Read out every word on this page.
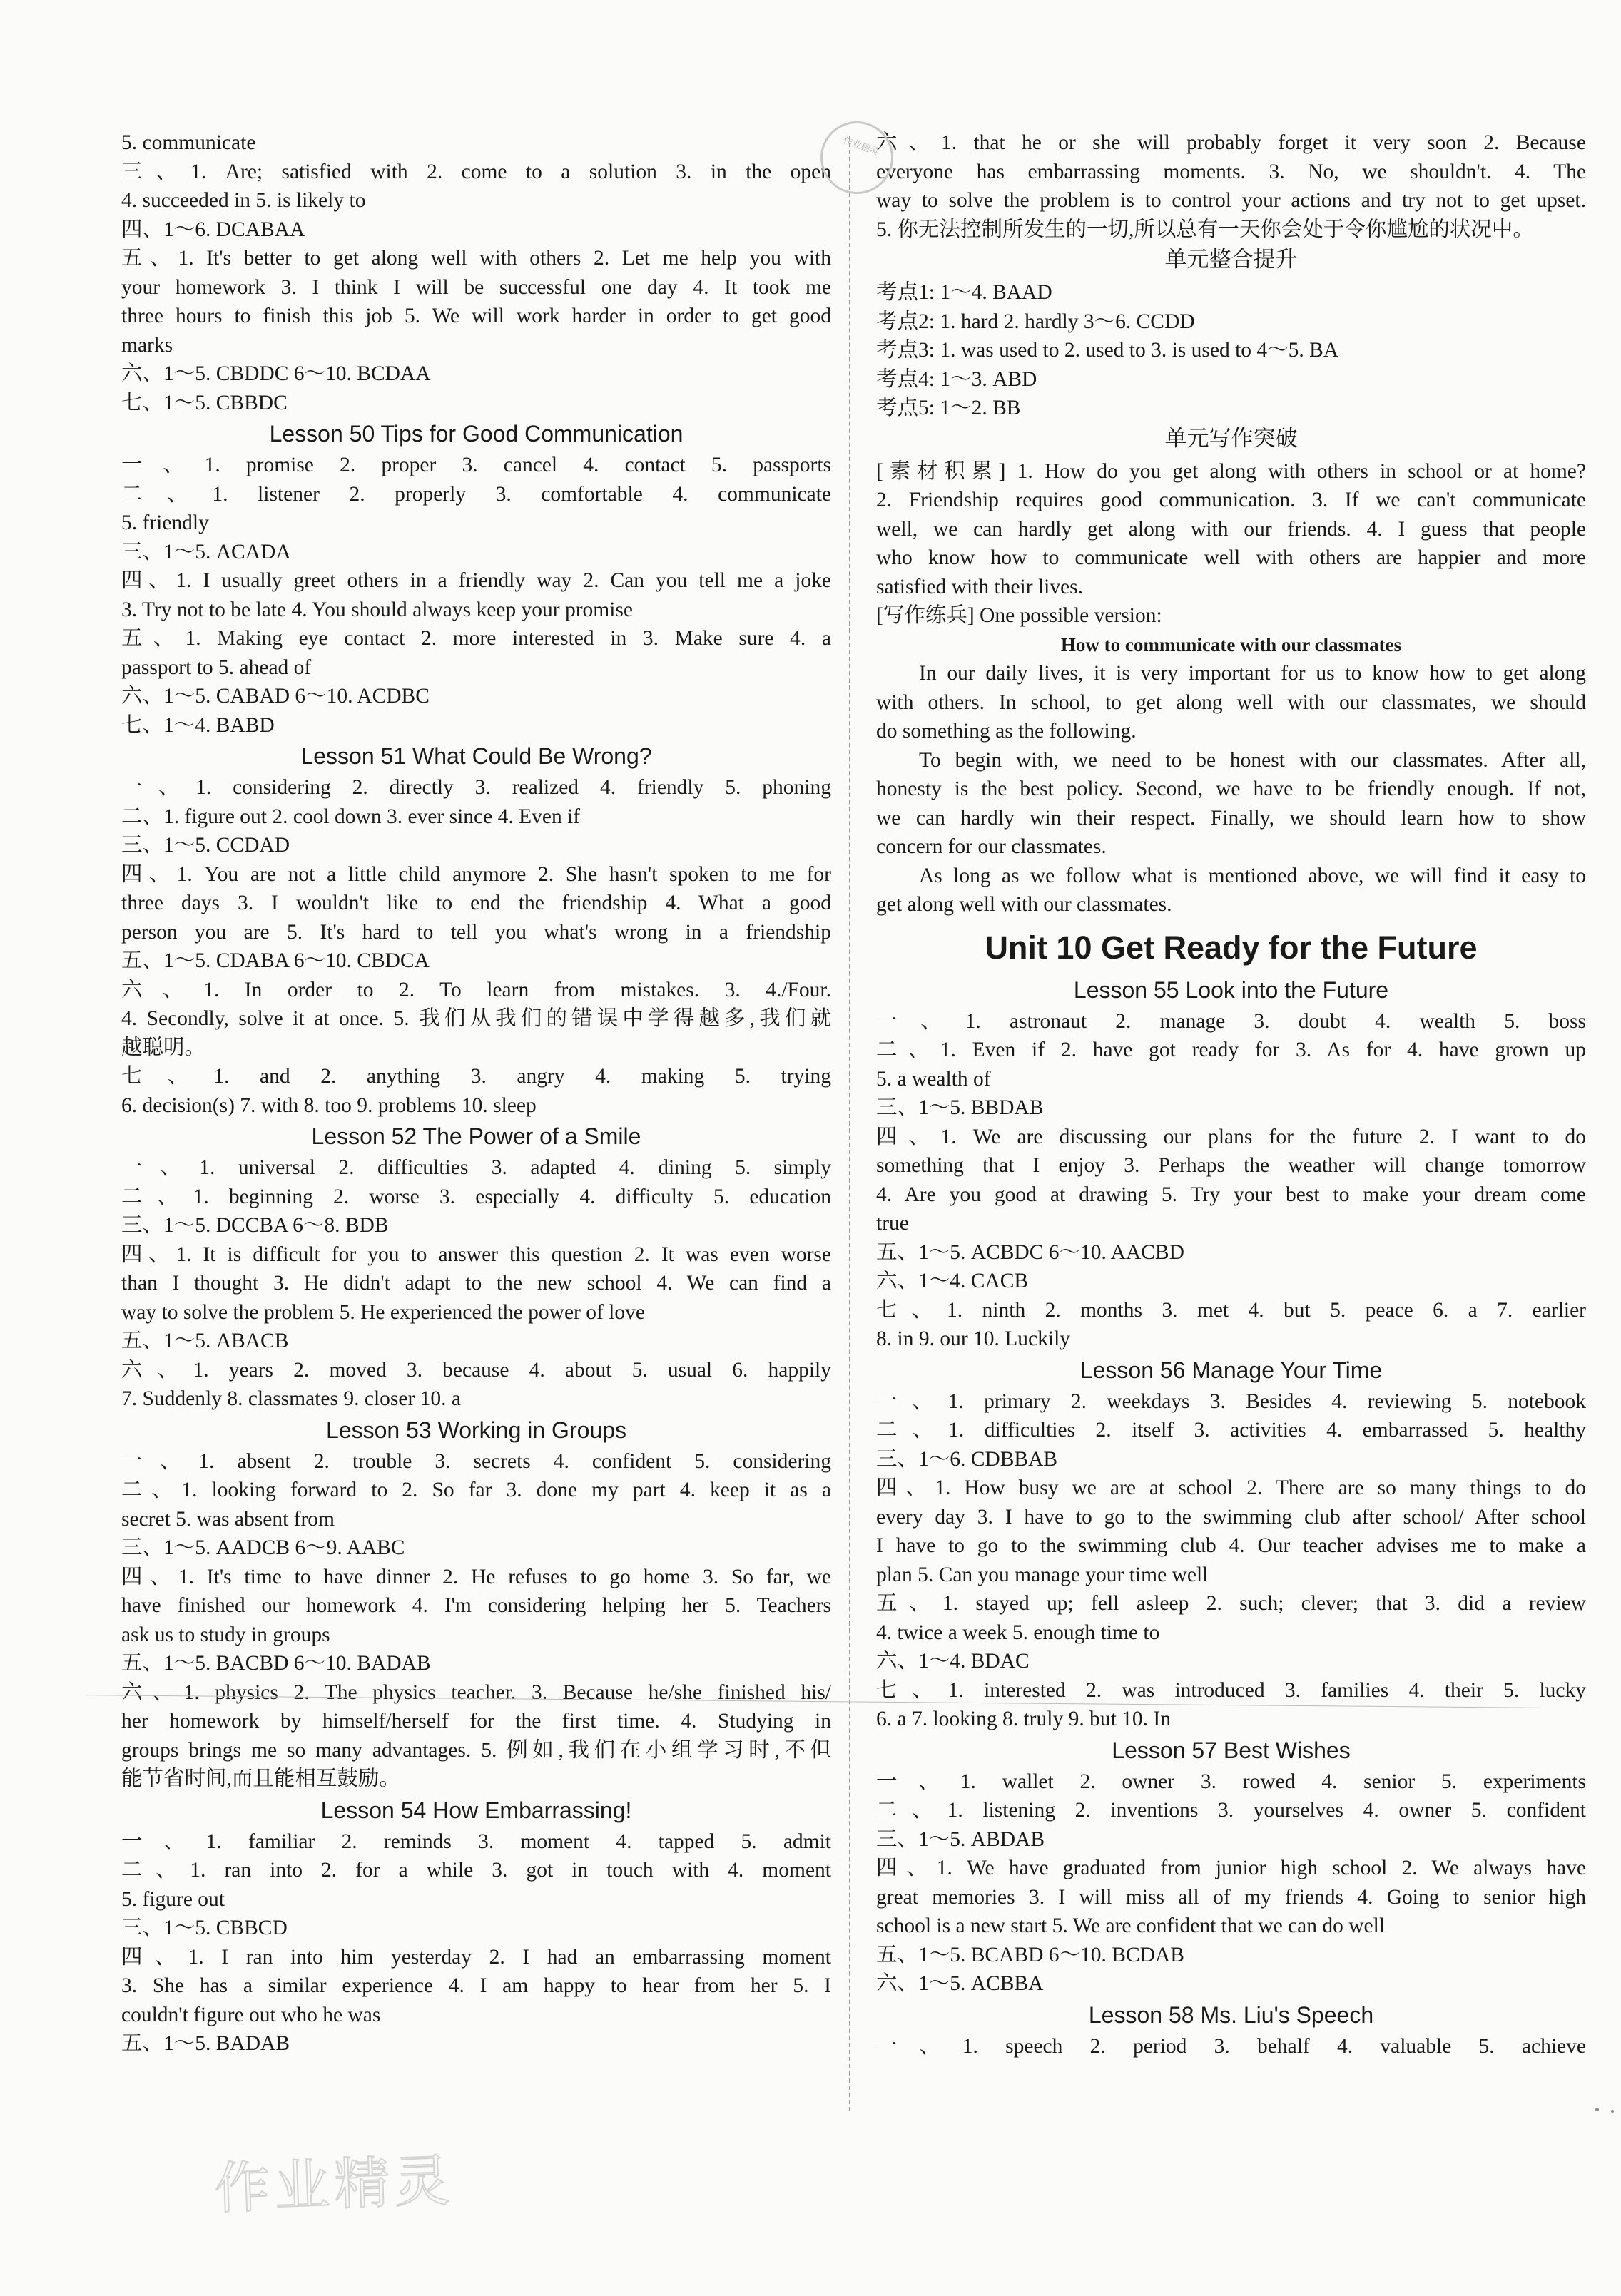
5. communicate
三、1. Are; satisfied with 2. come to a solution 3. in the open
4. succeeded in 5. is likely to
四、1～6. DCABAA
五、1. It's better to get along well with others 2. Let me help you with
your homework 3. I think I will be successful one day 4. It took me
three hours to finish this job 5. We will work harder in order to get good
marks
六、1～5. CBDDC 6～10. BCDAA
七、1～5. CBBDC
Lesson 50 Tips for Good Communication
一、1. promise 2. proper 3. cancel 4. contact 5. passports
二、1. listener 2. properly 3. comfortable 4. communicate
5. friendly
三、1～5. ACADA
四、1. I usually greet others in a friendly way 2. Can you tell me a joke
3. Try not to be late 4. You should always keep your promise
五、1. Making eye contact 2. more interested in 3. Make sure 4. a
passport to 5. ahead of
六、1～5. CABAD 6～10. ACDBC
七、1～4. BABD
Lesson 51 What Could Be Wrong?
一、1. considering 2. directly 3. realized 4. friendly 5. phoning
二、1. figure out 2. cool down 3. ever since 4. Even if
三、1～5. CCDAD
四、1. You are not a little child anymore 2. She hasn't spoken to me for
three days 3. I wouldn't like to end the friendship 4. What a good
person you are 5. It's hard to tell you what's wrong in a friendship
五、1～5. CDABA 6～10. CBDCA
六、1. In order to 2. To learn from mistakes. 3. 4./Four.
4. Secondly, solve it at once. 5. 我们从我们的错误中学得越多,我们就
越聪明。
七、1. and 2. anything 3. angry 4. making 5. trying
6. decision(s) 7. with 8. too 9. problems 10. sleep
Lesson 52 The Power of a Smile
一、1. universal 2. difficulties 3. adapted 4. dining 5. simply
二、1. beginning 2. worse 3. especially 4. difficulty 5. education
三、1～5. DCCBA 6～8. BDB
四、1. It is difficult for you to answer this question 2. It was even worse
than I thought 3. He didn't adapt to the new school 4. We can find a
way to solve the problem 5. He experienced the power of love
五、1～5. ABACB
六、1. years 2. moved 3. because 4. about 5. usual 6. happily
7. Suddenly 8. classmates 9. closer 10. a
Lesson 53 Working in Groups
一、1. absent 2. trouble 3. secrets 4. confident 5. considering
二、1. looking forward to 2. So far 3. done my part 4. keep it as a
secret 5. was absent from
三、1～5. AADCB 6～9. AABC
四、1. It's time to have dinner 2. He refuses to go home 3. So far, we
have finished our homework 4. I'm considering helping her 5. Teachers
ask us to study in groups
五、1～5. BACBD 6～10. BADAB
六、1. physics 2. The physics teacher. 3. Because he/she finished his/
her homework by himself/herself for the first time. 4. Studying in
groups brings me so many advantages. 5. 例如,我们在小组学习时,不但
能节省时间,而且能相互鼓励。
Lesson 54 How Embarrassing!
一、1. familiar 2. reminds 3. moment 4. tapped 5. admit
二、1. ran into 2. for a while 3. got in touch with 4. moment
5. figure out
三、1～5. CBBCD
四、1. I ran into him yesterday 2. I had an embarrassing moment
3. She has a similar experience 4. I am happy to hear from her 5. I
couldn't figure out who he was
五、1～5. BADAB
六、1. that he or she will probably forget it very soon 2. Because
everyone has embarrassing moments. 3. No, we shouldn't. 4. The
way to solve the problem is to control your actions and try not to get upset.
5. 你无法控制所发生的一切,所以总有一天你会处于令你尴尬的状况中。
单元整合提升
考点1: 1～4. BAAD
考点2: 1. hard 2. hardly 3～6. CCDD
考点3: 1. was used to 2. used to 3. is used to 4～5. BA
考点4: 1～3. ABD
考点5: 1～2. BB
单元写作突破
[素材积累] 1. How do you get along with others in school or at home?
2. Friendship requires good communication. 3. If we can't communicate
well, we can hardly get along with our friends. 4. I guess that people
who know how to communicate well with others are happier and more
satisfied with their lives.
[写作练兵] One possible version:
How to communicate with our classmates
In our daily lives, it is very important for us to know how to get along
with others. In school, to get along well with our classmates, we should
do something as the following.
To begin with, we need to be honest with our classmates. After all,
honesty is the best policy. Second, we have to be friendly enough. If not,
we can hardly win their respect. Finally, we should learn how to show
concern for our classmates.
As long as we follow what is mentioned above, we will find it easy to
get along well with our classmates.
Unit 10 Get Ready for the Future
Lesson 55 Look into the Future
一、1. astronaut 2. manage 3. doubt 4. wealth 5. boss
二、1. Even if 2. have got ready for 3. As for 4. have grown up
5. a wealth of
三、1～5. BBDAB
四、1. We are discussing our plans for the future 2. I want to do
something that I enjoy 3. Perhaps the weather will change tomorrow
4. Are you good at drawing 5. Try your best to make your dream come
true
五、1～5. ACBDC 6～10. AACBD
六、1～4. CACB
七、1. ninth 2. months 3. met 4. but 5. peace 6. a 7. earlier
8. in 9. our 10. Luckily
Lesson 56 Manage Your Time
一、1. primary 2. weekdays 3. Besides 4. reviewing 5. notebook
二、1. difficulties 2. itself 3. activities 4. embarrassed 5. healthy
三、1～6. CDBBAB
四、1. How busy we are at school 2. There are so many things to do
every day 3. I have to go to the swimming club after school/ After school
I have to go to the swimming club 4. Our teacher advises me to make a
plan 5. Can you manage your time well
五、1. stayed up; fell asleep 2. such; clever; that 3. did a review
4. twice a week 5. enough time to
六、1～4. BDAC
七、1. interested 2. was introduced 3. families 4. their 5. lucky
6. a 7. looking 8. truly 9. but 10. In
Lesson 57 Best Wishes
一、1. wallet 2. owner 3. rowed 4. senior 5. experiments
二、1. listening 2. inventions 3. yourselves 4. owner 5. confident
三、1～5. ABDAB
四、1. We have graduated from junior high school 2. We always have
great memories 3. I will miss all of my friends 4. Going to senior high
school is a new start 5. We are confident that we can do well
五、1～5. BCABD 6～10. BCDAB
六、1～5. ACBBA
Lesson 58 Ms. Liu's Speech
一、1. speech 2. period 3. behalf 4. valuable 5. achieve
作业精灵
作业精灵
